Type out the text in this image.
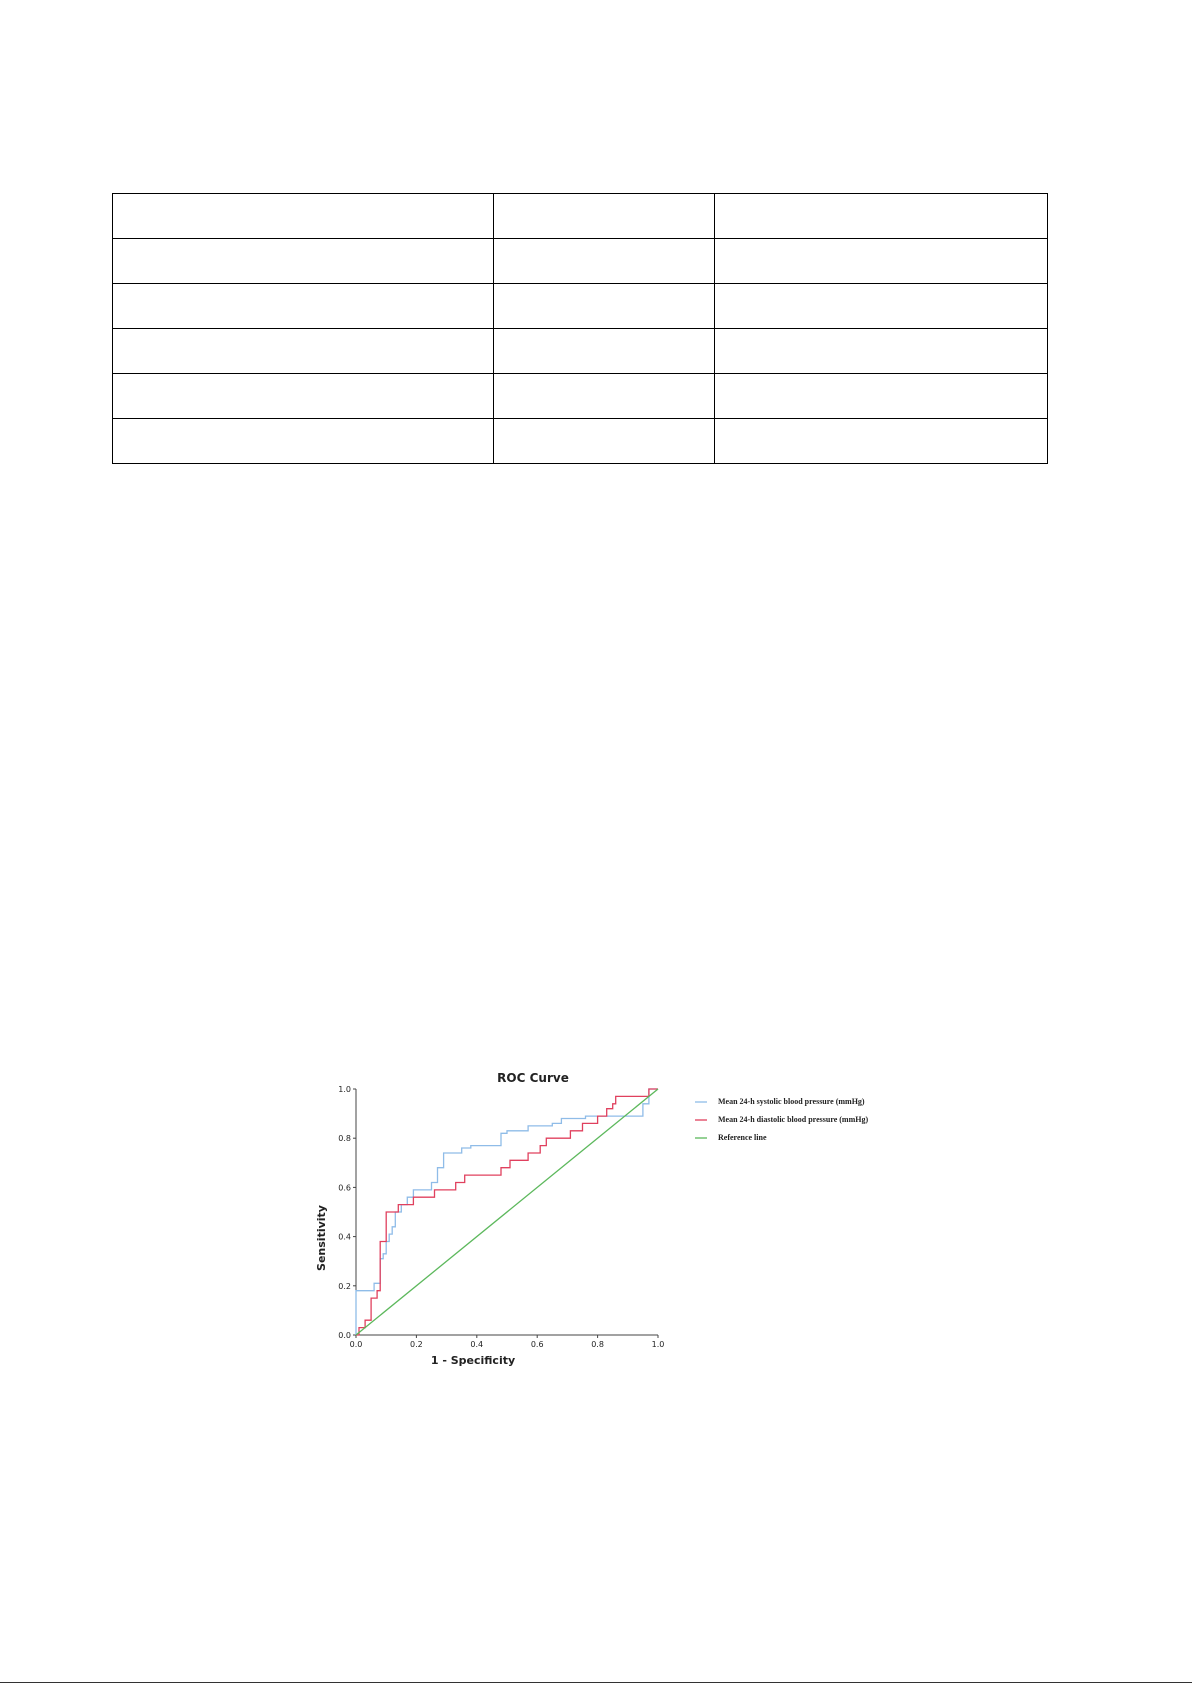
ROC Curve
0.0	0.2	0.4	0.6	0.8	1.0
0.0
0.2
0.4
0.6
0.8
1.0
Sensitivity
1 - Specificity
Mean 24-h systolic blood pressure (mmHg)
Mean 24-h diastolic blood pressure (mmHg)
Reference line
